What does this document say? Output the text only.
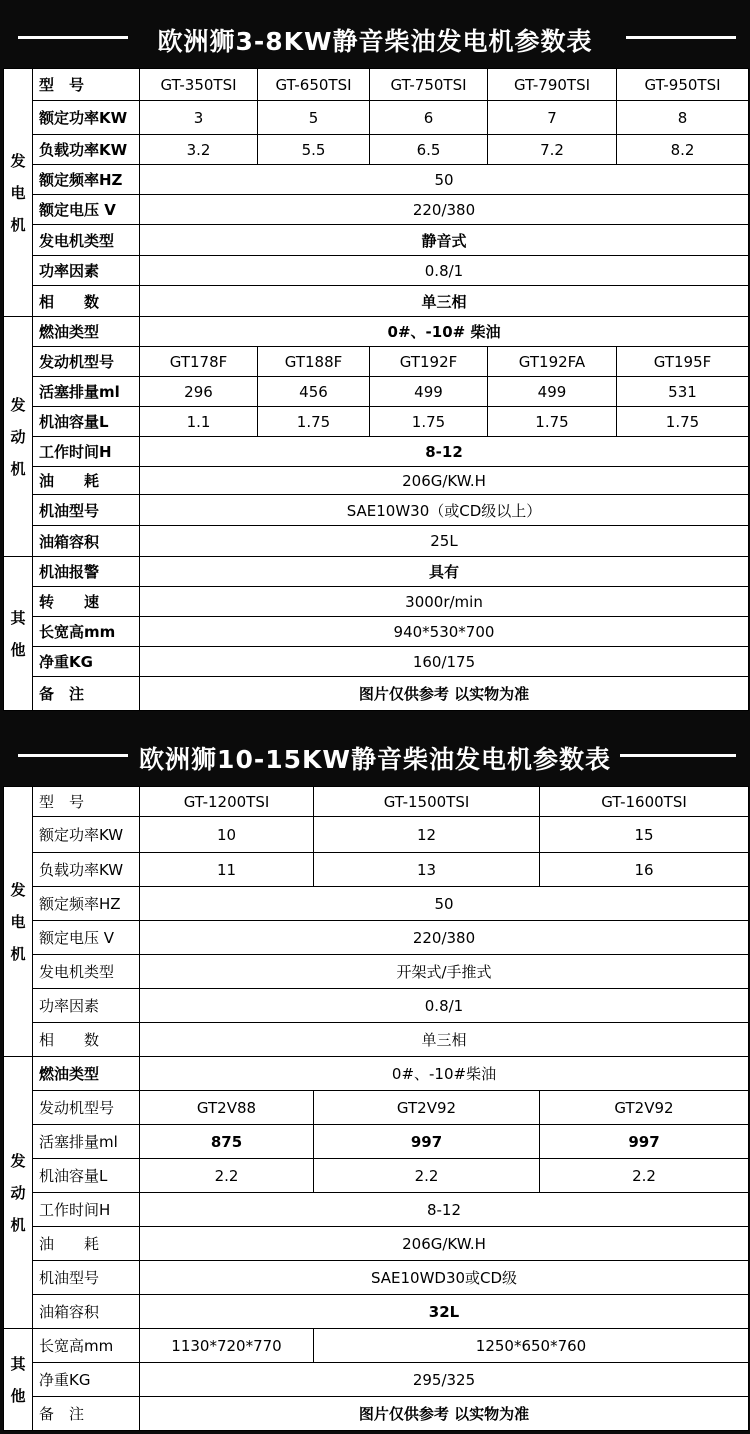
欧洲狮3-8KW静音柴油发电机参数表
发
电
机	型　号	GT-350TSI	GT-650TSI	GT-750TSI	GT-790TSI	GT-950TSI
	额定功率KW	3	5	6	7	8
	负载功率KW	3.2	5.5	6.5	7.2	8.2
	额定频率HZ	50				
	额定电压 V	220/380				
	发电机类型	静音式				
	功率因素	0.8/1				
	相　　数	单三相				

发
动
机	燃油类型	0#、-10# 柴油				
	发动机型号	GT178F	GT188F	GT192F	GT192FA	GT195F
	活塞排量ml	296	456	499	499	531
	机油容量L	1.1	1.75	1.75	1.75	1.75
	工作时间H	8-12				
	油　　耗	206G/KW.H				
	机油型号	SAE10W30（或CD级以上）				
	油箱容积	25L				

其
他	机油报警	具有				
	转　　速	3000r/min				
	长宽高mm	940*530*700				
	净重KG	160/175				
	备　注	图片仅供参考 以实物为准				
欧洲狮10-15KW静音柴油发电机参数表
发
电
机	型　号	GT-1200TSI	GT-1500TSI	GT-1600TSI
	额定功率KW	10	12	15
	负载功率KW	11	13	16
	额定频率HZ	50		
	额定电压 V	220/380		
	发电机类型	开架式/手推式		
	功率因素	0.8/1		
	相　　数	单三相		

发
动
机	燃油类型	0#、-10#柴油		
	发动机型号	GT2V88	GT2V92	GT2V92
	活塞排量ml	875	997	997
	机油容量L	2.2	2.2	2.2
	工作时间H	8-12		
	油　　耗	206G/KW.H		
	机油型号	SAE10WD30或CD级		
	油箱容积	32L		

其
他	长宽高mm	1130*720*770	1250*650*760	
	净重KG	295/325		
	备　注	图片仅供参考 以实物为准		
